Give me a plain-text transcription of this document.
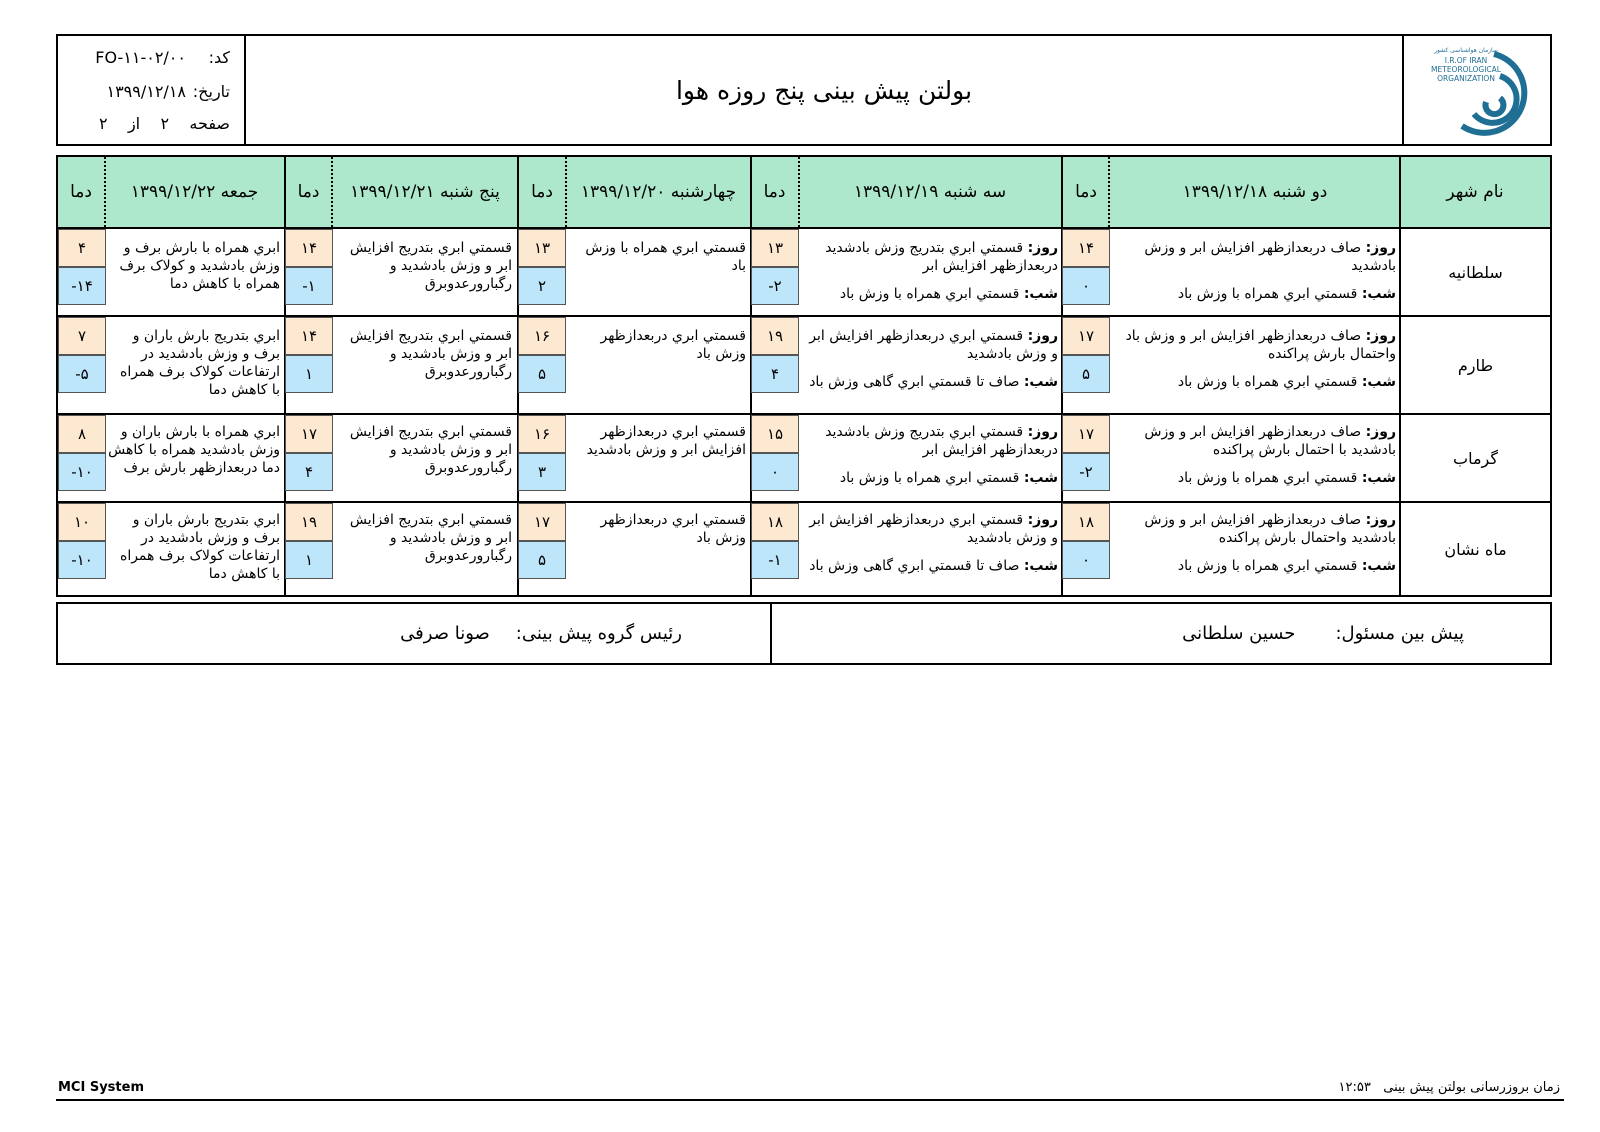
کد:FO-۱۱-۰۲/۰۰
تاریخ:۱۳۹۹/۱۲/۱۸
صفحه    ۲    از    ۲
بولتن پیش بینی پنج روزه هوا
سازمان هواشناسی کشور
I.R.OF IRAN
METEOROLOGICAL
ORGANIZATION
نام شهر
دو شنبه ۱۳۹۹/۱۲/۱۸
دما
سه شنبه ۱۳۹۹/۱۲/۱۹
دما
چهارشنبه ۱۳۹۹/۱۲/۲۰
دما
پنج شنبه ۱۳۹۹/۱۲/۲۱
دما
جمعه ۱۳۹۹/۱۲/۲۲
دما
سلطانیه

روز: صاف دربعدازظهر افزایش ابر و وزش بادشدید

شب: قسمتي ابري همراه با وزش باد

۱۴
۰

روز: قسمتي ابري بتدريج وزش بادشدید دربعدازظهر افزايش ابر

شب: قسمتي ابري همراه با وزش باد

۱۳
-۲
قسمتي ابري همراه با وزش باد
۱۳
۲
قسمتي ابري بتدريج افزايش ابر و وزش بادشدید و رگبارورعدوبرق
۱۴
-۱
ابري همراه با بارش برف و وزش بادشدید و کولاک برف همراه با کاهش دما
۴
-۱۴
طارم

روز: صاف دربعدازظهر افزایش ابر و وزش باد واحتمال بارش پراکنده

شب: قسمتي ابري همراه با وزش باد

۱۷
۵

روز: قسمتي ابري دربعدازظهر افزايش ابر و وزش بادشدید

شب: صاف تا قسمتي ابري گاهی وزش باد

۱۹
۴
قسمتي ابري دربعدازظهر وزش باد
۱۶
۵
قسمتي ابري بتدريج افزايش ابر و وزش بادشدید و رگبارورعدوبرق
۱۴
۱
ابري بتدريج بارش باران و برف و وزش بادشدید در ارتفاعات کولاک برف همراه با کاهش دما
۷
-۵
گرماب

روز: صاف دربعدازظهر افزایش ابر و وزش بادشدید با احتمال بارش پراکنده

شب: قسمتي ابري همراه با وزش باد

۱۷
-۲

روز: قسمتي ابري بتدريج وزش بادشدید دربعدازظهر افزايش ابر

شب: قسمتي ابري همراه با وزش باد

۱۵
۰
قسمتي ابري دربعدازظهر افزايش ابر و وزش بادشدید
۱۶
۳
قسمتي ابري بتدريج افزايش ابر و وزش بادشدید و رگبارورعدوبرق
۱۷
۴
ابري همراه با بارش باران و وزش بادشدید همراه با کاهش دما دربعدازظهر بارش برف
۸
-۱۰
ماه نشان

روز: صاف دربعدازظهر افزایش ابر و وزش بادشدید واحتمال بارش پراکنده

شب: قسمتي ابري همراه با وزش باد

۱۸
۰

روز: قسمتي ابري دربعدازظهر افزايش ابر و وزش بادشدید

شب: صاف تا قسمتي ابري گاهی وزش باد

۱۸
-۱
قسمتي ابري دربعدازظهر وزش باد
۱۷
۵
قسمتي ابري بتدريج افزايش ابر و وزش بادشدید و رگبارورعدوبرق
۱۹
۱
ابري بتدريج بارش باران و برف و وزش بادشدید در ارتفاعات کولاک برف همراه با کاهش دما
۱۰
-۱۰
پیش بین مسئول:
حسین سلطانی
رئیس گروه پیش بینی:
صونا صرفی
MCI System	زمان بروزرسانی بولتن پیش بینی   ۱۲:۵۳
